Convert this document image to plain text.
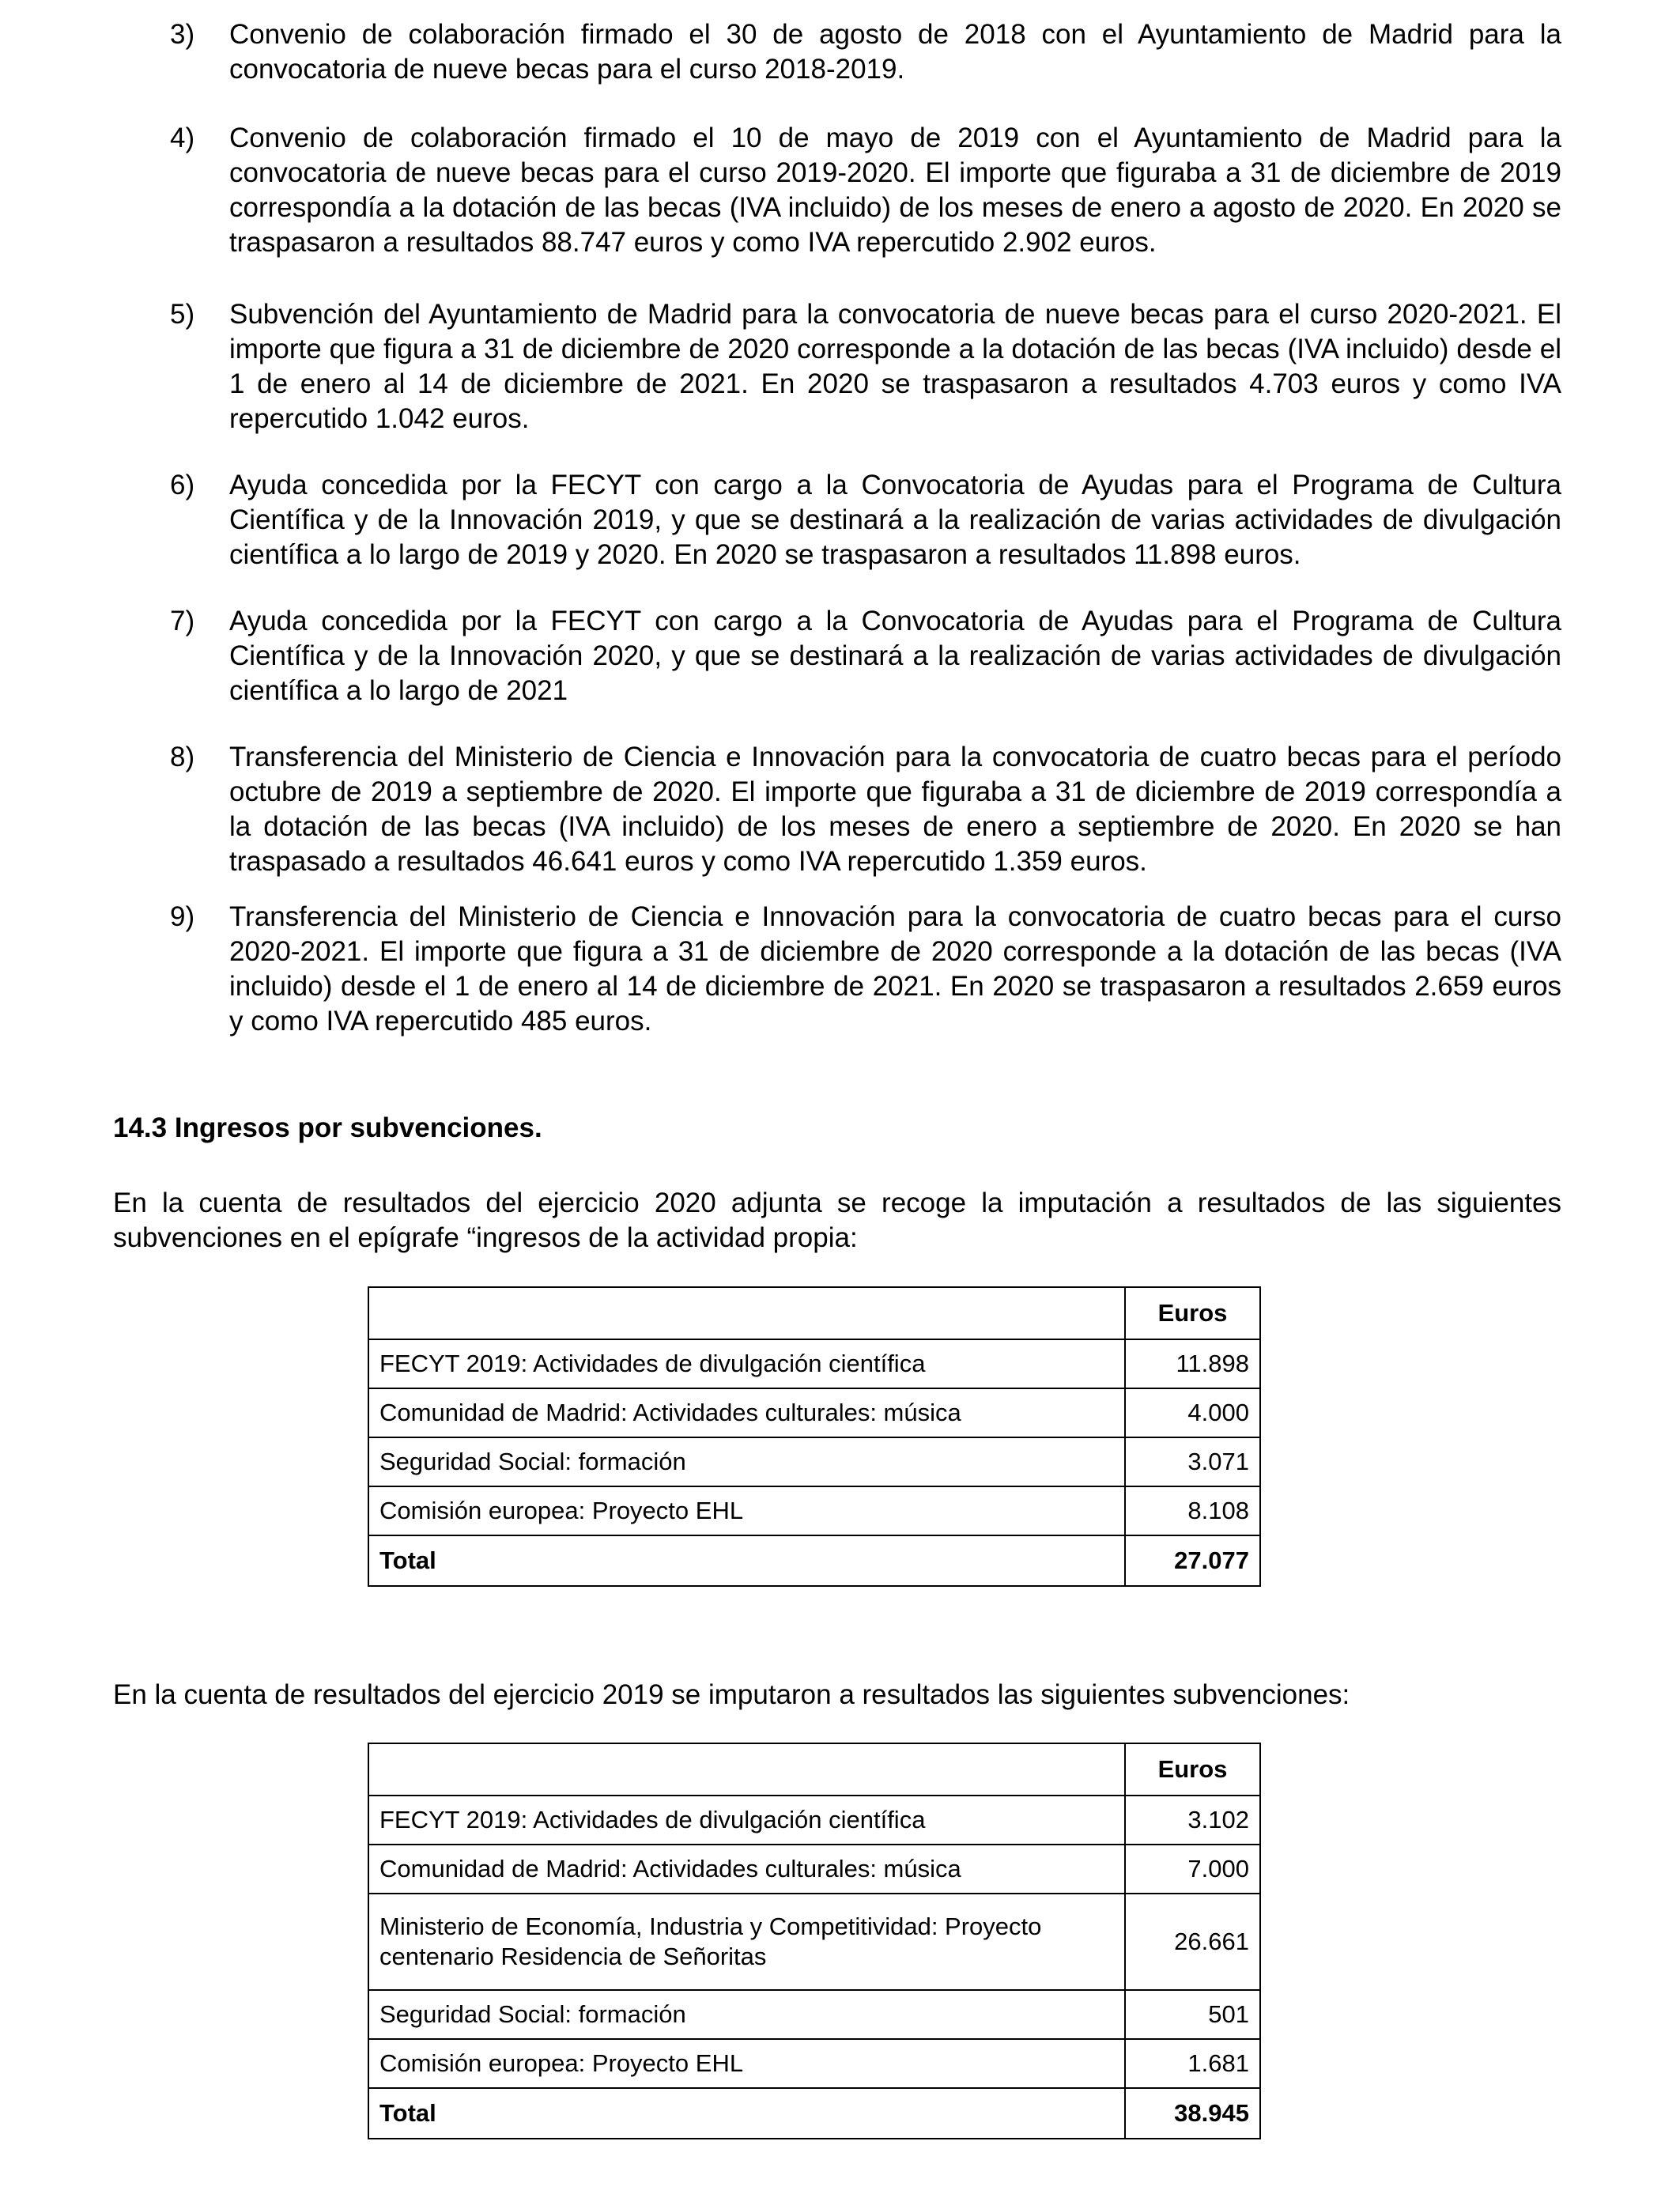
3) Convenio de colaboración firmado el 30 de agosto de 2018 con el Ayuntamiento de Madrid para la convocatoria de nueve becas para el curso 2018-2019.
4) Convenio de colaboración firmado el 10 de mayo de 2019 con el Ayuntamiento de Madrid para la convocatoria de nueve becas para el curso 2019-2020. El importe que figuraba a 31 de diciembre de 2019 correspondía a la dotación de las becas (IVA incluido) de los meses de enero a agosto de 2020. En 2020 se traspasaron a resultados 88.747 euros y como IVA repercutido 2.902 euros.
5) Subvención del Ayuntamiento de Madrid para la convocatoria de nueve becas para el curso 2020-2021. El importe que figura a 31 de diciembre de 2020 corresponde a la dotación de las becas (IVA incluido) desde el 1 de enero al 14 de diciembre de 2021. En 2020 se traspasaron a resultados 4.703 euros y como IVA repercutido 1.042 euros.
6) Ayuda concedida por la FECYT con cargo a la Convocatoria de Ayudas para el Programa de Cultura Científica y de la Innovación 2019, y que se destinará a la realización de varias actividades de divulgación científica a lo largo de 2019 y 2020. En 2020 se traspasaron a resultados 11.898 euros.
7) Ayuda concedida por la FECYT con cargo a la Convocatoria de Ayudas para el Programa de Cultura Científica y de la Innovación 2020, y que se destinará a la realización de varias actividades de divulgación científica a lo largo de 2021
8) Transferencia del Ministerio de Ciencia e Innovación para la convocatoria de cuatro becas para el período octubre de 2019 a septiembre de 2020. El importe que figuraba a 31 de diciembre de 2019 correspondía a la dotación de las becas (IVA incluido) de los meses de enero a septiembre de 2020. En 2020 se han traspasado a resultados 46.641 euros y como IVA repercutido 1.359 euros.
9) Transferencia del Ministerio de Ciencia e Innovación para la convocatoria de cuatro becas para el curso 2020-2021. El importe que figura a 31 de diciembre de 2020 corresponde a la dotación de las becas (IVA incluido) desde el 1 de enero al 14 de diciembre de 2021. En 2020 se traspasaron a resultados 2.659 euros y como IVA repercutido 485 euros.
14.3 Ingresos por subvenciones.

En la cuenta de resultados del ejercicio 2020 adjunta se recoge la imputación a resultados de las siguientes subvenciones en el epígrafe “ingresos de la actividad propia:

	Euros
FECYT 2019: Actividades de divulgación científica	11.898
Comunidad de Madrid: Actividades culturales: música	4.000
Seguridad Social: formación	3.071
Comisión europea: Proyecto EHL	8.108
Total	27.077

En la cuenta de resultados del ejercicio 2019 se imputaron a resultados las siguientes subvenciones:

	Euros
FECYT 2019: Actividades de divulgación científica	3.102
Comunidad de Madrid: Actividades culturales: música	7.000
Ministerio de Economía, Industria y Competitividad: Proyecto centenario Residencia de Señoritas	26.661
Seguridad Social: formación	501
Comisión europea: Proyecto EHL	1.681
Total	38.945
